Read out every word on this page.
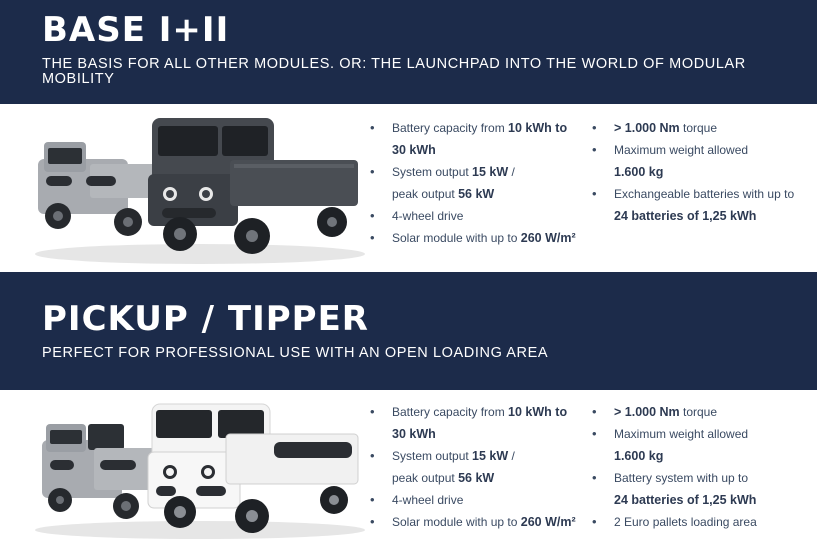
BASE I+II

THE BASIS FOR ALL OTHER MODULES. OR: THE LAUNCHPAD INTO THE WORLD OF MODULAR MOBILITY

• Battery capacity from 10 kWh to
30 kWh
• System output 15 kW /
peak output 56 kW
• 4-wheel drive
• Solar module with up to 260 W/m²
• > 1.000 Nm torque
• Maximum weight allowed
1.600 kg
• Exchangeable batteries with up to
24 batteries of 1,25 kWh
PICKUP / TIPPER

PERFECT FOR PROFESSIONAL USE WITH AN OPEN LOADING AREA

• Battery capacity from 10 kWh to
30 kWh
• System output 15 kW /
peak output 56 kW
• 4-wheel drive
• Solar module with up to 260 W/m²
• > 1.000 Nm torque
• Maximum weight allowed
1.600 kg
• Battery system with up to
24 batteries of 1,25 kWh
• 2 Euro pallets loading area
